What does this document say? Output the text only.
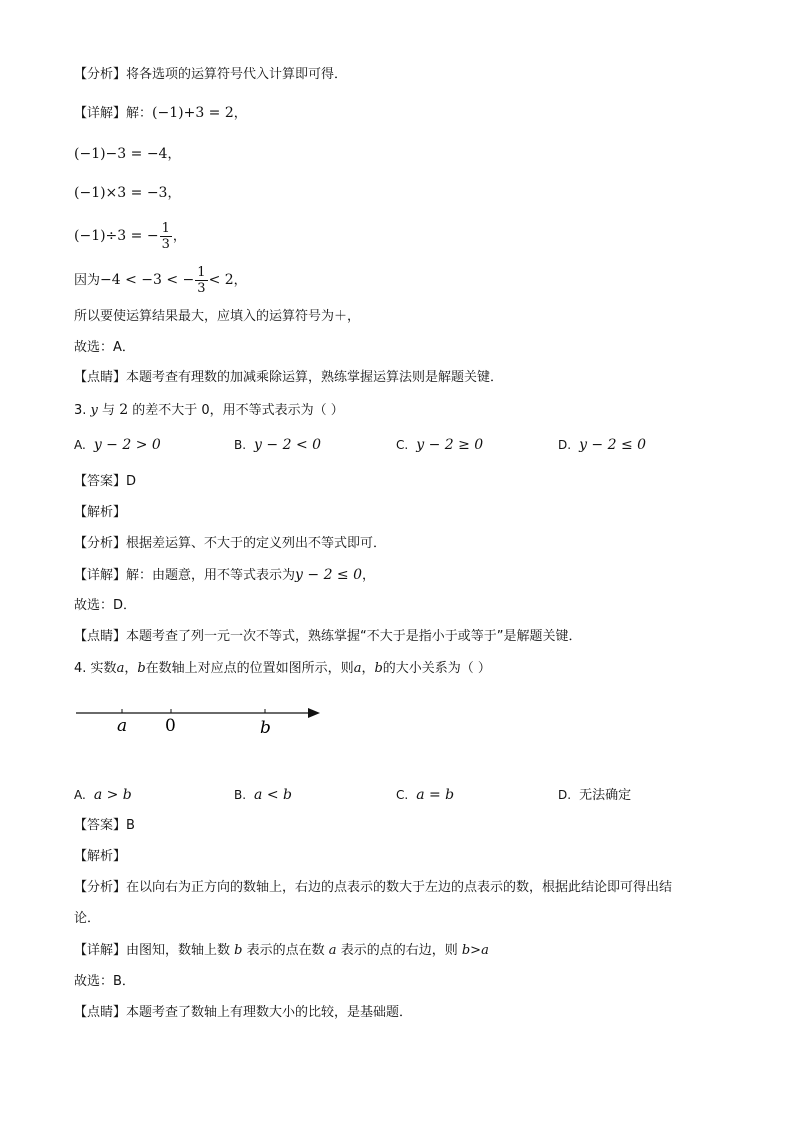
【分析】将各选项的运算符号代入计算即可得．
【详解】解：(−1)+3 = 2，
(−1)−3 = −4，
(−1)×3 = −3，
(−1)÷3 = − $\frac{1}{3}$ ，
因为−4 < −3 < − $\frac{1}{3} < 2$，
所以要使运算结果最大，应填入的运算符号为＋，
故选：A．
【点睛】本题考查有理数的加减乘除运算，熟练掌握运算法则是解题关键．
3. y 与 2 的差不大于 0，用不等式表示为（ ）
A. y − 2 > 0	B. y − 2 < 0	C. y − 2 ≥ 0	D. y − 2 ≤ 0
【答案】D
【解析】
【分析】根据差运算、不大于的定义列出不等式即可．
【详解】解：由题意，用不等式表示为y − 2 ≤ 0，
故选：D．
【点睛】本题考查了列一元一次不等式，熟练掌握“不大于是指小于或等于”是解题关键．
4. 实数a，b在数轴上对应点的位置如图所示，则a，b的大小关系为（ ）
a 0	b
A. a > b	B. a < b	C. a = b	D. 无法确定
【答案】B
【解析】
【分析】在以向右为正方向的数轴上，右边的点表示的数大于左边的点表示的数，根据此结论即可得出结
论．
【详解】由图知，数轴上数 b 表示的点在数 a 表示的点的右边，则 b>a
故选：B．
【点睛】本题考查了数轴上有理数大小的比较，是基础题．
